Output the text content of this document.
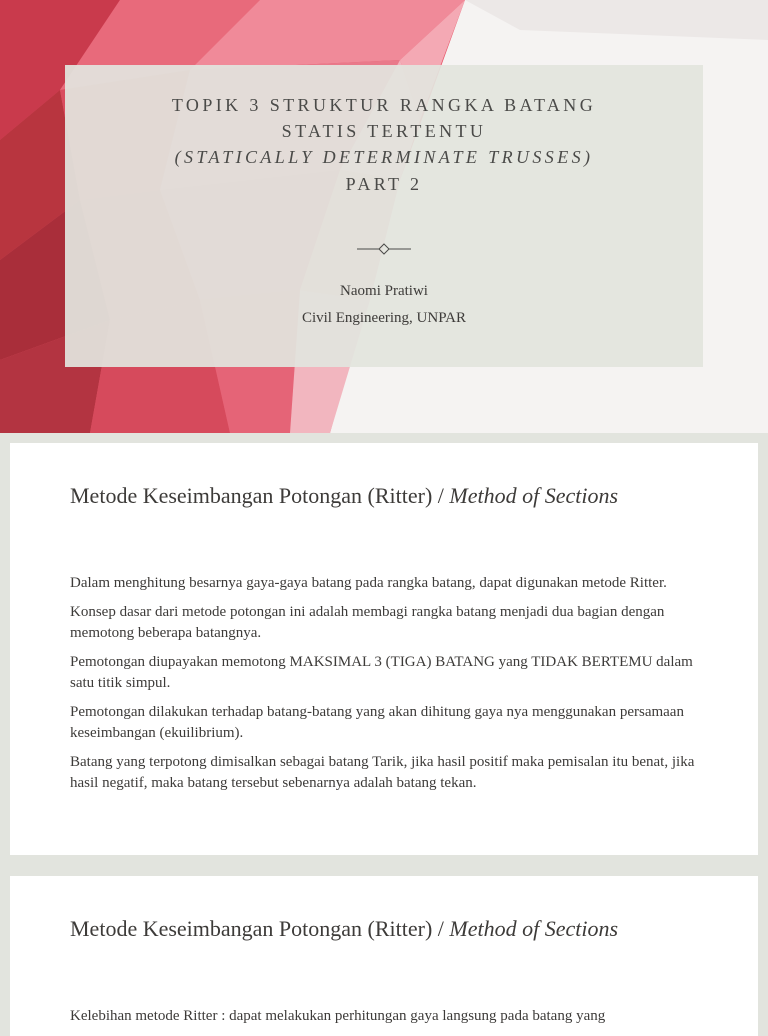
TOPIK 3 STRUKTUR RANGKA BATANG
STATIS TERTENTU
(STATICALLY DETERMINATE TRUSSES)
PART 2
Naomi Pratiwi
Civil Engineering, UNPAR
Metode Keseimbangan Potongan (Ritter) / Method of Sections

Dalam menghitung besarnya gaya-gaya batang pada rangka batang, dapat digunakan metode Ritter.

Konsep dasar dari metode potongan ini adalah membagi rangka batang menjadi dua bagian dengan memotong beberapa batangnya.

Pemotongan diupayakan memotong MAKSIMAL 3 (TIGA) BATANG yang TIDAK BERTEMU dalam satu titik simpul.

Pemotongan dilakukan terhadap batang-batang yang akan dihitung gaya nya menggunakan persamaan keseimbangan (ekuilibrium).

Batang yang terpotong dimisalkan sebagai batang Tarik, jika hasil positif maka pemisalan itu benat, jika hasil negatif, maka batang tersebut sebenarnya adalah batang tekan.

Metode Keseimbangan Potongan (Ritter) / Method of Sections

Kelebihan metode Ritter : dapat melakukan perhitungan gaya langsung pada batang yang
